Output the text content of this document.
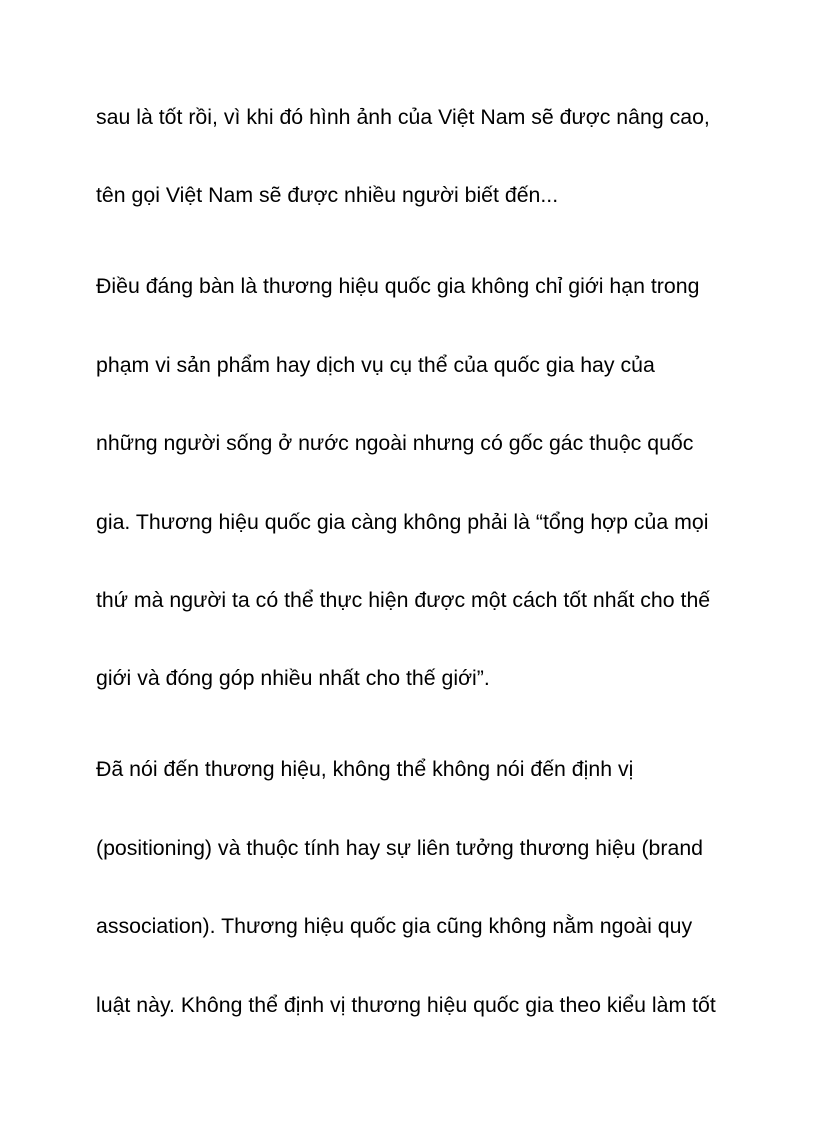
sau là tốt rồi, vì khi đó hình ảnh của Việt Nam sẽ được nâng cao,
tên gọi Việt Nam sẽ được nhiều người biết đến...
Điều đáng bàn là thương hiệu quốc gia không chỉ giới hạn trong
phạm vi sản phẩm hay dịch vụ cụ thể của quốc gia hay của
những người sống ở nước ngoài nhưng có gốc gác thuộc quốc
gia. Thương hiệu quốc gia càng không phải là “tổng hợp của mọi
thứ mà người ta có thể thực hiện được một cách tốt nhất cho thế
giới và đóng góp nhiều nhất cho thế giới”.
Đã nói đến thương hiệu, không thể không nói đến định vị
(positioning) và thuộc tính hay sự liên tưởng thương hiệu (brand
association). Thương hiệu quốc gia cũng không nằm ngoài quy
luật này. Không thể định vị thương hiệu quốc gia theo kiểu làm tốt
